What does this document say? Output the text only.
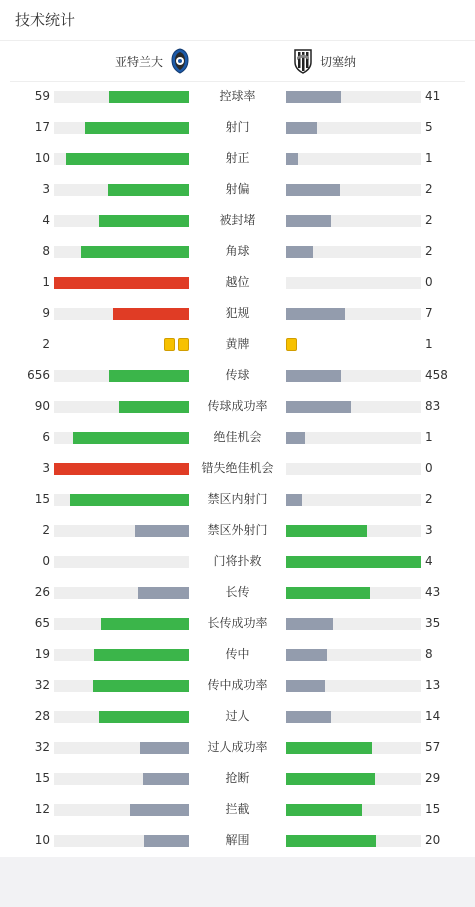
技术统计
亚特兰大	切塞纳
59	控球率	41
17	射门	5
10	射正	1
3	射偏	2
4	被封堵	2
8	角球	2
1	越位	0
9	犯规	7
2	黄牌	1
656	传球	458
90	传球成功率	83
6	绝佳机会	1
3	错失绝佳机会	0
15	禁区内射门	2
2	禁区外射门	3
0	门将扑救	4
26	长传	43
65	长传成功率	35
19	传中	8
32	传中成功率	13
28	过人	14
32	过人成功率	57
15	抢断	29
12	拦截	15
10	解围	20
